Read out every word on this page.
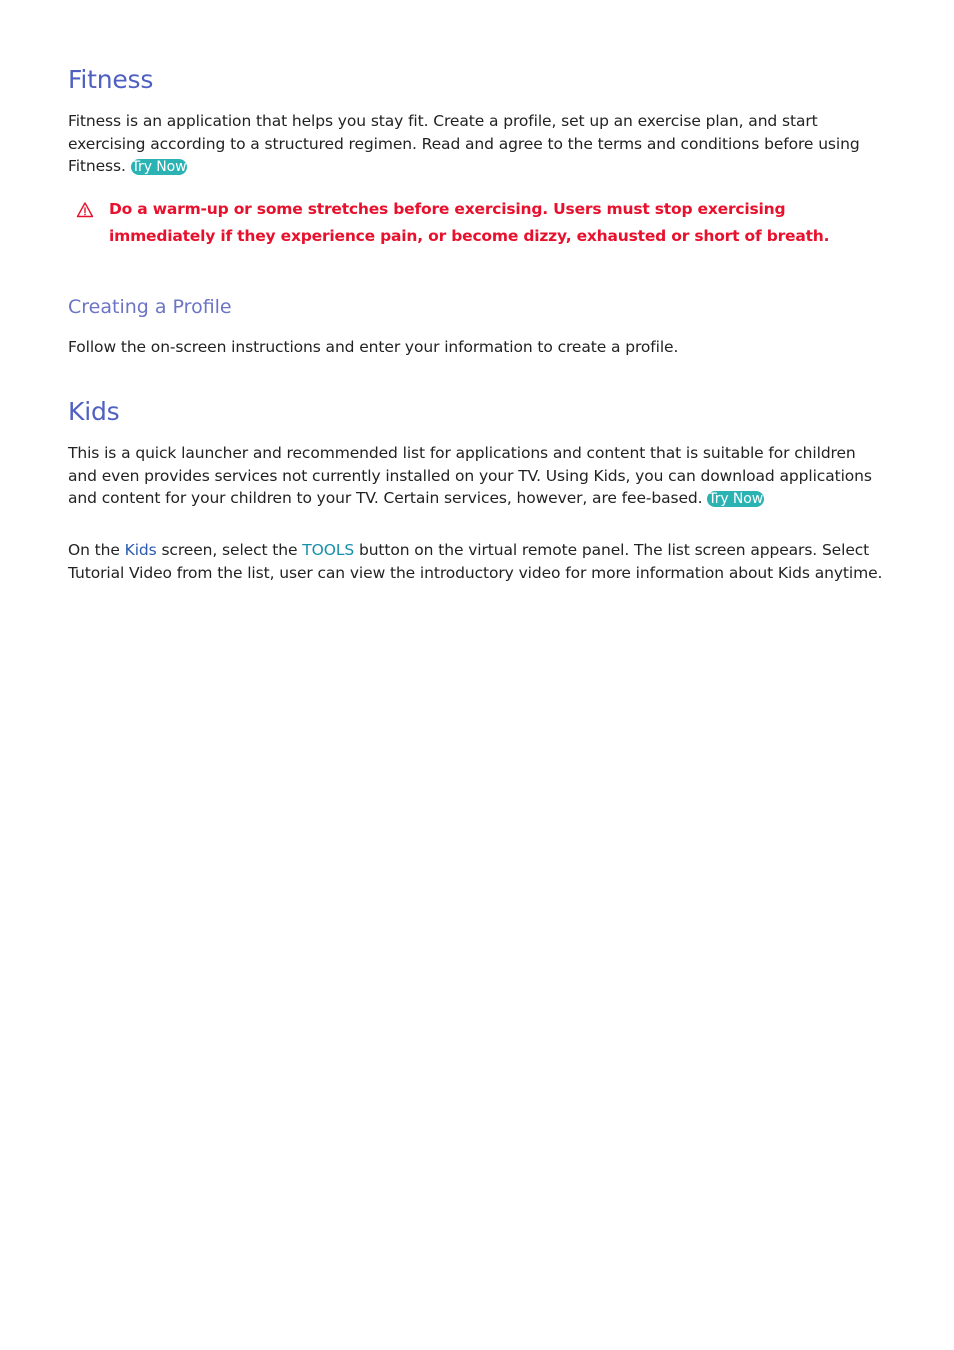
Fitness

Fitness is an application that helps you stay fit. Create a profile, set up an exercise plan, and start exercising according to a structured regimen. Read and agree to the terms and conditions before using Fitness. Try Now

Do a warm-up or some stretches before exercising. Users must stop exercising immediately if they experience pain, or become dizzy, exhausted or short of breath.
Creating a Profile

Follow the on-screen instructions and enter your information to create a profile.

Kids

This is a quick launcher and recommended list for applications and content that is suitable for children and even provides services not currently installed on your TV. Using Kids, you can download applications and content for your children to your TV. Certain services, however, are fee-based. Try Now

On the Kids screen, select the TOOLS button on the virtual remote panel. The list screen appears. Select Tutorial Video from the list, user can view the introductory video for more information about Kids anytime.
